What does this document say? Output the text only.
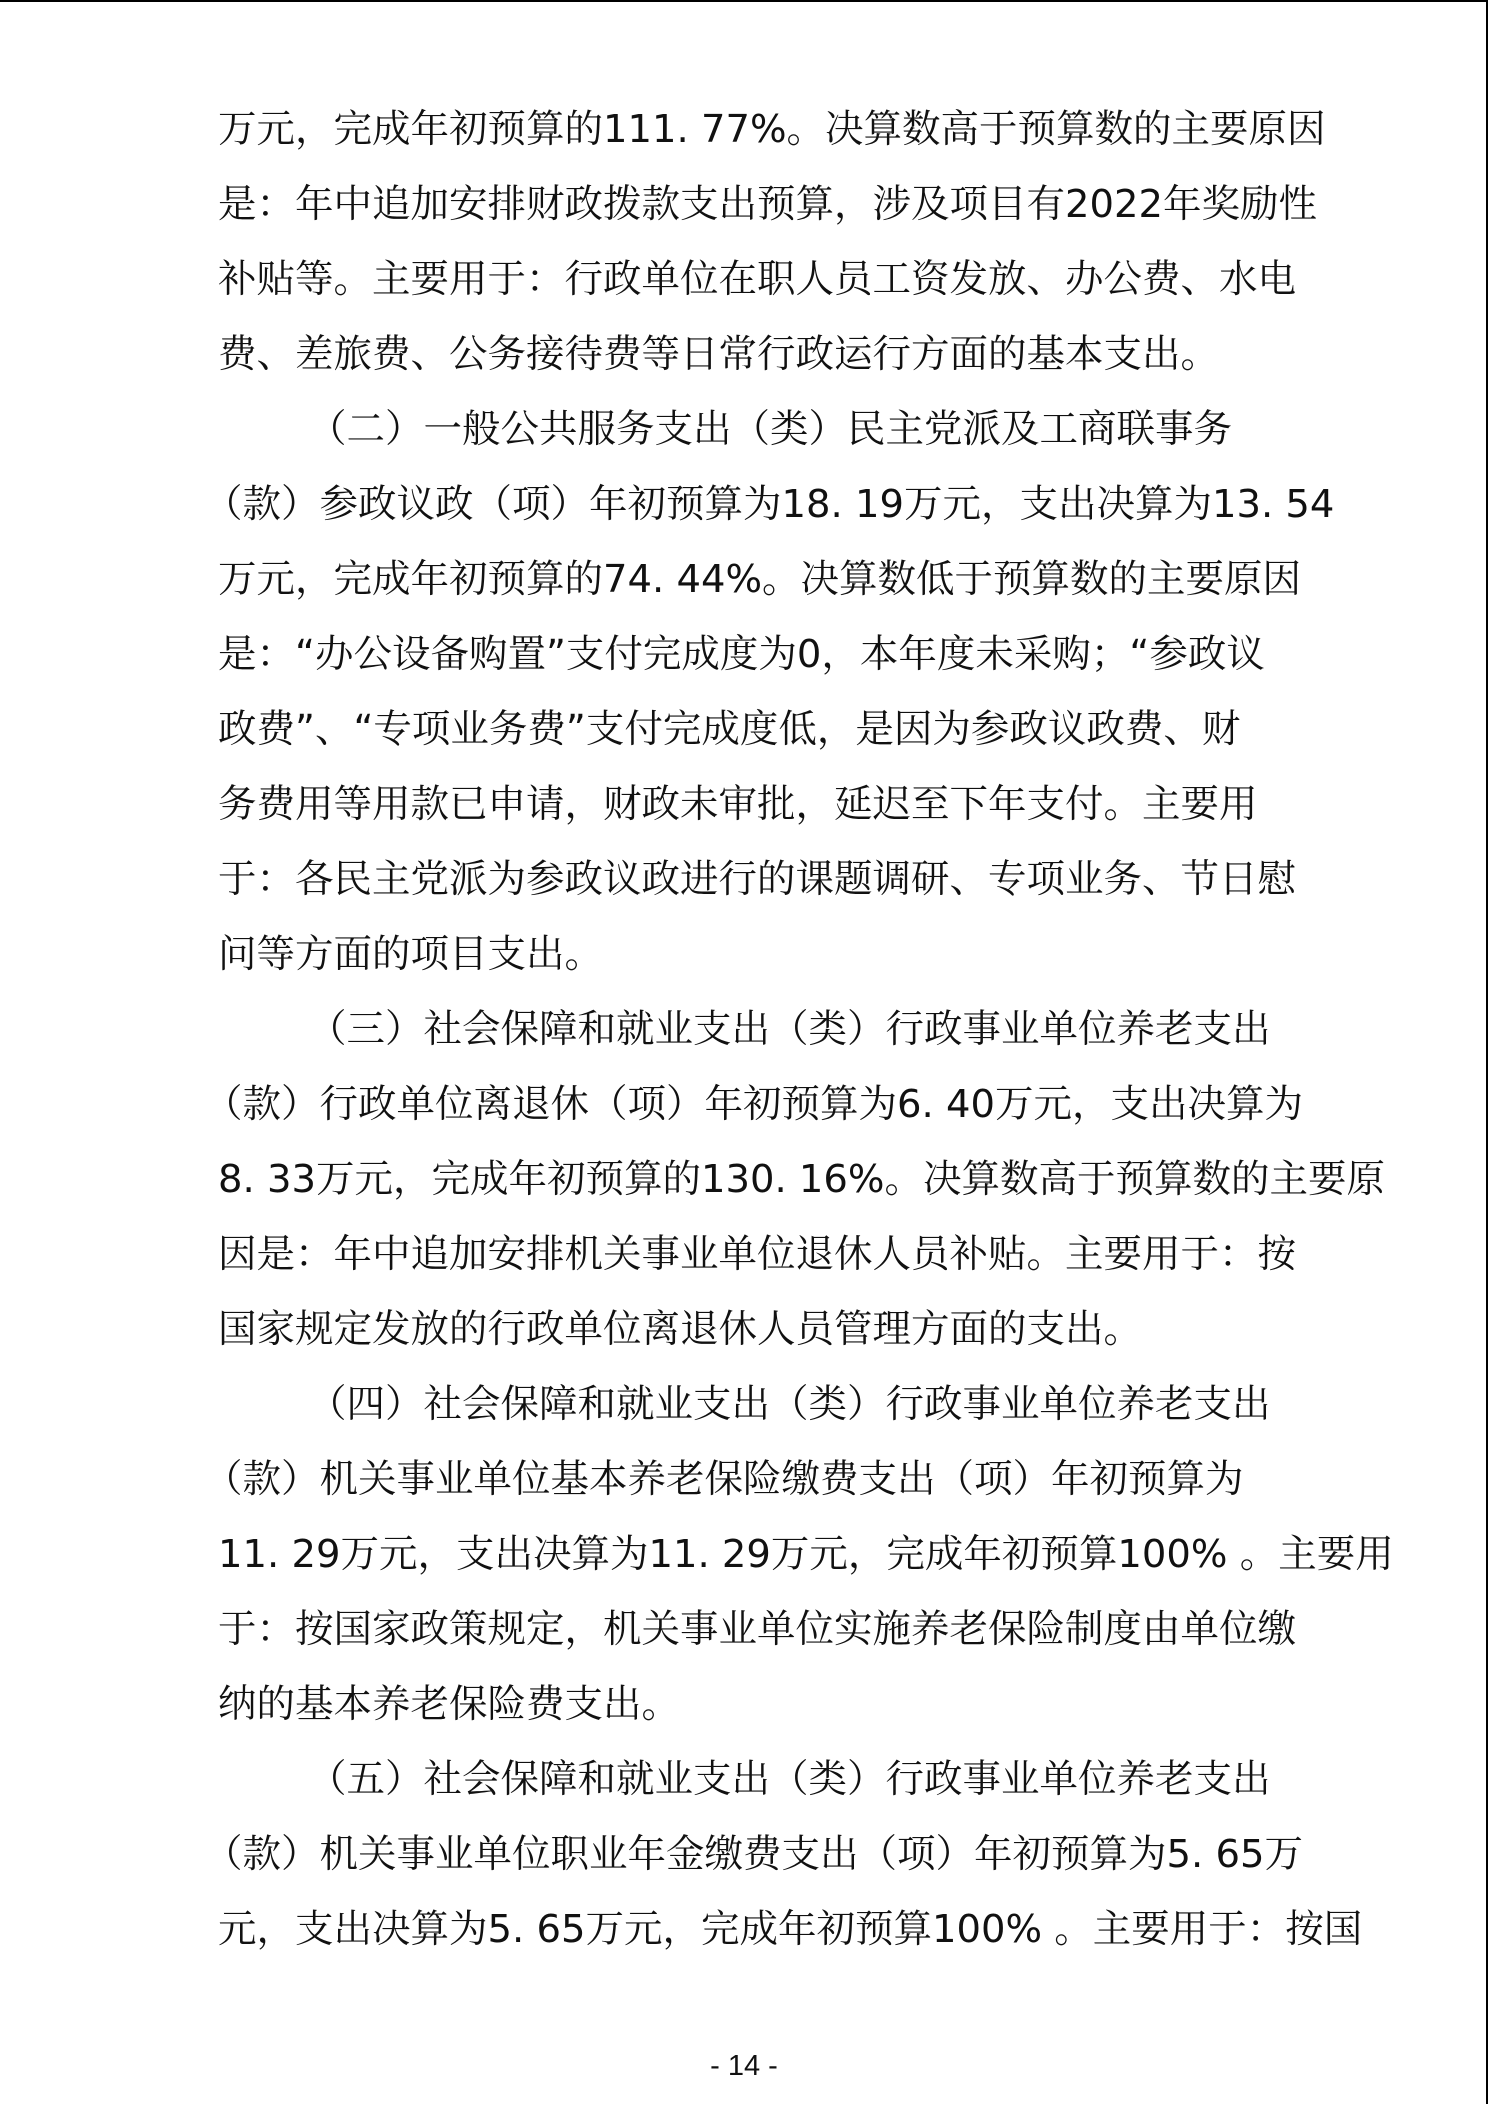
万元，完成年初预算的111. 77%。决算数高于预算数的主要原因
是：年中追加安排财政拨款支出预算，涉及项目有2022年奖励性
补贴等。主要用于：行政单位在职人员工资发放、办公费、水电
费、差旅费、公务接待费等日常行政运行方面的基本支出。
（二）一般公共服务支出（类）民主党派及工商联事务
（款）参政议政（项）年初预算为18. 19万元，支出决算为13. 54
万元，完成年初预算的74. 44%。决算数低于预算数的主要原因
是：“办公设备购置”支付完成度为0，本年度未采购；“参政议
政费”、“专项业务费”支付完成度低，是因为参政议政费、财
务费用等用款已申请，财政未审批，延迟至下年支付。主要用
于：各民主党派为参政议政进行的课题调研、专项业务、节日慰
问等方面的项目支出。
（三）社会保障和就业支出（类）行政事业单位养老支出
（款）行政单位离退休（项）年初预算为6. 40万元，支出决算为
8. 33万元，完成年初预算的130. 16%。决算数高于预算数的主要原
因是：年中追加安排机关事业单位退休人员补贴。主要用于：按
国家规定发放的行政单位离退休人员管理方面的支出。
（四）社会保障和就业支出（类）行政事业单位养老支出
（款）机关事业单位基本养老保险缴费支出（项）年初预算为
11. 29万元，支出决算为11. 29万元，完成年初预算100% 。主要用
于：按国家政策规定，机关事业单位实施养老保险制度由单位缴
纳的基本养老保险费支出。
（五）社会保障和就业支出（类）行政事业单位养老支出
（款）机关事业单位职业年金缴费支出（项）年初预算为5. 65万
元，支出决算为5. 65万元，完成年初预算100% 。主要用于：按国
- 14 -
